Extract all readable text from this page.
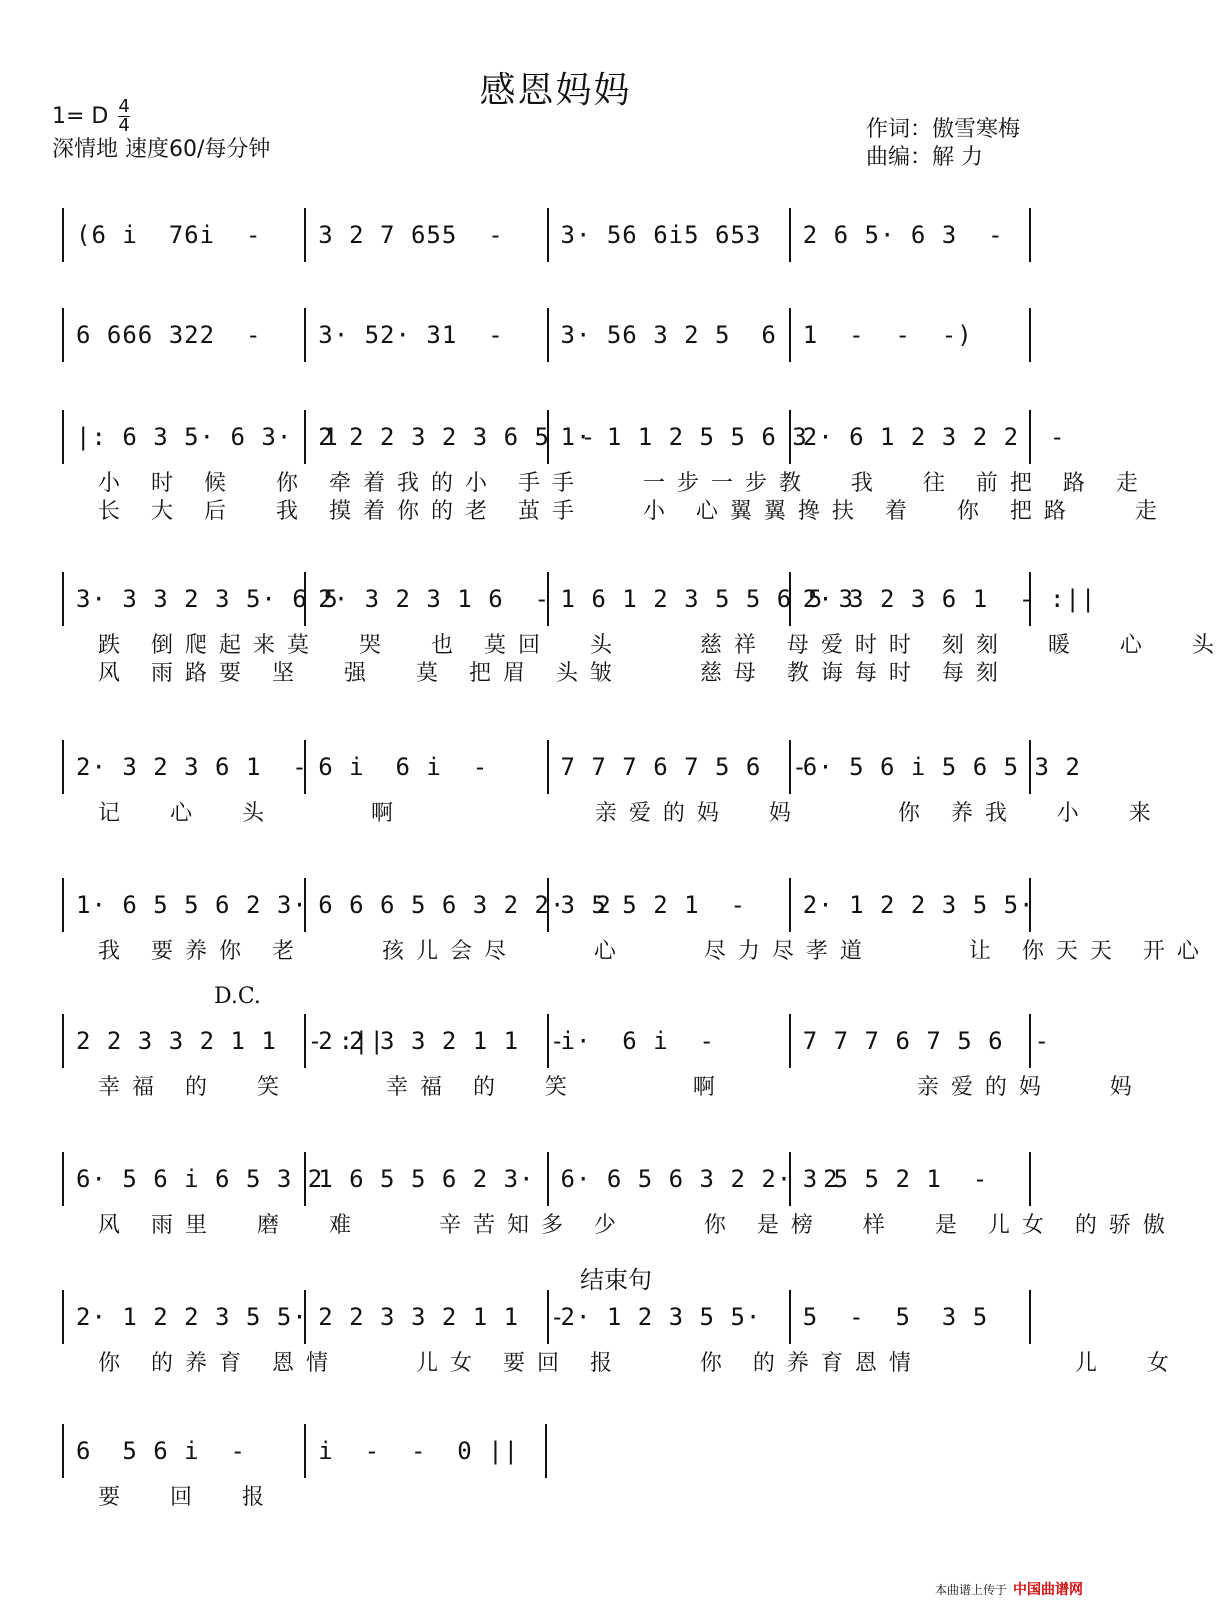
感恩妈妈
1= D $\frac{4}{4}$
深情地 速度60/每分钟
作词：傲雪寒梅
曲编：解 力
(6 i  76i  -	3 2 7 655  -	3· 56 6i5 653	2 6 5· 6 3  -
6 666 322  -	3· 52· 31  -	3· 56 3 2 5  6	1  -  -  -)
|: 6 3 5· 6 3·  1
2 2 2 3 2 3 6 5  -
1· 1 1 2 5 5 6 3
2· 6 1 2 3 2 2  -
小 时 候  你 牵着我的小 手手   一步一步教  我  往 前把 路 走
长 大 后  我 摸着你的老 茧手   小 心翼翼搀扶 着  你 把路   走
3· 3 3 2 3 5· 6 5
2· 3 2 3 1 6  - 1 6 1 2 3 5 5 6 5 3
2· 3 2 3 6 1  - :||
跌 倒爬起来莫  哭  也 莫回  头    慈祥 母爱时时 刻刻  暖  心  头
风 雨路要 坚  强  莫 把眉 头皱    慈母 教诲每时 每刻
2· 3 2 3 6 1  - 6 i  6 i  -	7 7 7 6 7 5 6  -
6· 5 6 i 5 6 5 3 2
记  心  头     啊          亲爱的妈  妈     你 养我  小  来
1· 6 5 5 6 2 3· 6 6 6 5 6 3 2 2·  2
3 5 5 2 1  -	2· 1 2 2 3 5 5·
我 要养你 老    孩儿会尽    心    尽力尽孝道     让 你天天 开心
2 2 3 3 2 1 1  - :||
2 2 3 3 2 1 1  -
i·  6 i  -	7 7 7 6 7 5 6  -
幸福 的  笑     幸福 的  笑      啊          亲爱的妈   妈
6· 5 6 i 6 5 3 2
1 6 5 5 6 2 3·	6· 6 5 6 3 2 2·  2
3 5 5 2 1  -
风 雨里  磨  难    辛苦知多 少    你 是榜  样  是 儿女 的骄傲
2· 1 2 2 3 5 5· 2 2 3 3 2 1 1  -
2· 1 2 3 5 5·	5  -  5  3 5
你 的养育 恩情    儿女 要回 报    你 的养育恩情        儿  女
6  5 6 i  -	i  -  -  0 ||
要  回  报
D.C.
结束句
本曲谱上传于 中国曲谱网
